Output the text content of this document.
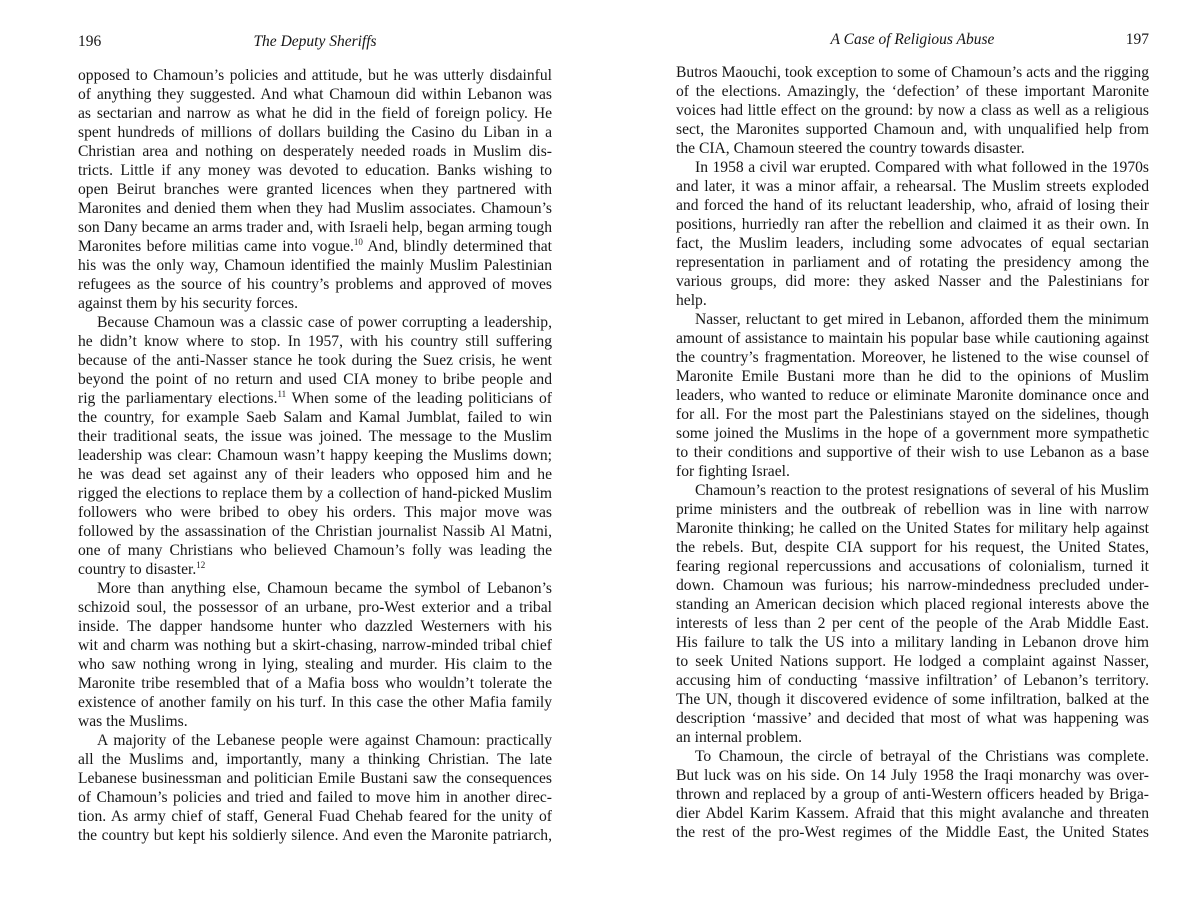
196	The Deputy Sheriffs
opposed to Chamoun’s policies and attitude, but he was utterly disdainful
of anything they suggested. And what Chamoun did within Lebanon was
as sectarian and narrow as what he did in the field of foreign policy. He
spent hundreds of millions of dollars building the Casino du Liban in a
Christian area and nothing on desperately needed roads in Muslim dis-
tricts. Little if any money was devoted to education. Banks wishing to
open Beirut branches were granted licences when they partnered with
Maronites and denied them when they had Muslim associates. Chamoun’s
son Dany became an arms trader and, with Israeli help, began arming tough
Maronites before militias came into vogue.$^{10}$ And, blindly determined that
his was the only way, Chamoun identified the mainly Muslim Palestinian
refugees as the source of his country’s problems and approved of moves
against them by his security forces.
Because Chamoun was a classic case of power corrupting a leadership,
he didn’t know where to stop. In 1957, with his country still suffering
because of the anti-Nasser stance he took during the Suez crisis, he went
beyond the point of no return and used CIA money to bribe people and
rig the parliamentary elections.$^{11}$ When some of the leading politicians of
the country, for example Saeb Salam and Kamal Jumblat, failed to win
their traditional seats, the issue was joined. The message to the Muslim
leadership was clear: Chamoun wasn’t happy keeping the Muslims down;
he was dead set against any of their leaders who opposed him and he
rigged the elections to replace them by a collection of hand-picked Muslim
followers who were bribed to obey his orders. This major move was
followed by the assassination of the Christian journalist Nassib Al Matni,
one of many Christians who believed Chamoun’s folly was leading the
country to disaster.$^{12}$
More than anything else, Chamoun became the symbol of Lebanon’s
schizoid soul, the possessor of an urbane, pro-West exterior and a tribal
inside. The dapper handsome hunter who dazzled Westerners with his
wit and charm was nothing but a skirt-chasing, narrow-minded tribal chief
who saw nothing wrong in lying, stealing and murder. His claim to the
Maronite tribe resembled that of a Mafia boss who wouldn’t tolerate the
existence of another family on his turf. In this case the other Mafia family
was the Muslims.
A majority of the Lebanese people were against Chamoun: practically
all the Muslims and, importantly, many a thinking Christian. The late
Lebanese businessman and politician Emile Bustani saw the consequences
of Chamoun’s policies and tried and failed to move him in another direc-
tion. As army chief of staff, General Fuad Chehab feared for the unity of
the country but kept his soldierly silence. And even the Maronite patriarch,
A Case of Religious Abuse	197
Butros Maouchi, took exception to some of Chamoun’s acts and the rigging
of the elections. Amazingly, the ‘defection’ of these important Maronite
voices had little effect on the ground: by now a class as well as a religious
sect, the Maronites supported Chamoun and, with unqualified help from
the CIA, Chamoun steered the country towards disaster.
In 1958 a civil war erupted. Compared with what followed in the 1970s
and later, it was a minor affair, a rehearsal. The Muslim streets exploded
and forced the hand of its reluctant leadership, who, afraid of losing their
positions, hurriedly ran after the rebellion and claimed it as their own. In
fact, the Muslim leaders, including some advocates of equal sectarian
representation in parliament and of rotating the presidency among the
various groups, did more: they asked Nasser and the Palestinians for
help.
Nasser, reluctant to get mired in Lebanon, afforded them the minimum
amount of assistance to maintain his popular base while cautioning against
the country’s fragmentation. Moreover, he listened to the wise counsel of
Maronite Emile Bustani more than he did to the opinions of Muslim
leaders, who wanted to reduce or eliminate Maronite dominance once and
for all. For the most part the Palestinians stayed on the sidelines, though
some joined the Muslims in the hope of a government more sympathetic
to their conditions and supportive of their wish to use Lebanon as a base
for fighting Israel.
Chamoun’s reaction to the protest resignations of several of his Muslim
prime ministers and the outbreak of rebellion was in line with narrow
Maronite thinking; he called on the United States for military help against
the rebels. But, despite CIA support for his request, the United States,
fearing regional repercussions and accusations of colonialism, turned it
down. Chamoun was furious; his narrow-mindedness precluded under-
standing an American decision which placed regional interests above the
interests of less than 2 per cent of the people of the Arab Middle East.
His failure to talk the US into a military landing in Lebanon drove him
to seek United Nations support. He lodged a complaint against Nasser,
accusing him of conducting ‘massive infiltration’ of Lebanon’s territory.
The UN, though it discovered evidence of some infiltration, balked at the
description ‘massive’ and decided that most of what was happening was
an internal problem.
To Chamoun, the circle of betrayal of the Christians was complete.
But luck was on his side. On 14 July 1958 the Iraqi monarchy was over-
thrown and replaced by a group of anti-Western officers headed by Briga-
dier Abdel Karim Kassem. Afraid that this might avalanche and threaten
the rest of the pro-West regimes of the Middle East, the United States
